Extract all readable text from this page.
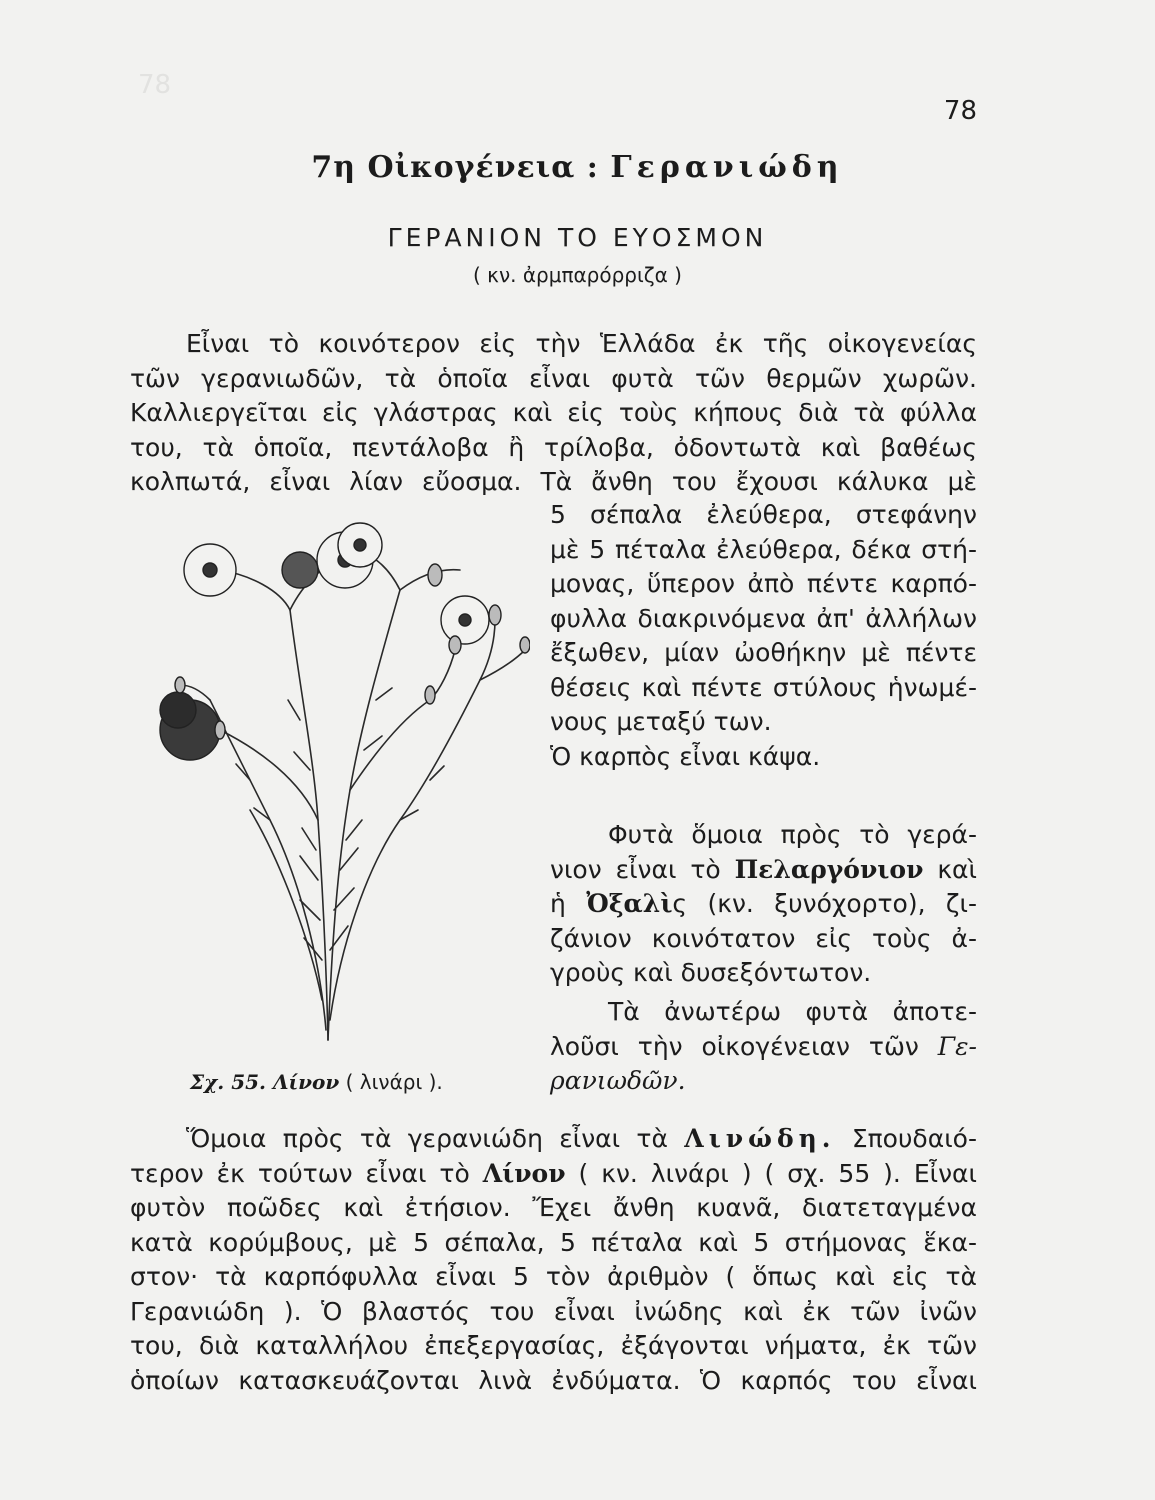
78
78
7η Οἰκογένεια : Γερανιώδη
ΓΕΡΑΝΙΟΝ ΤΟ ΕΥΟΣΜΟΝ
( κν. ἀρμπαρόρριζα )
Εἶναι τὸ κοινότερον εἰς τὴν Ἑλλάδα ἐκ τῆς οἰκογενείας
τῶν γερανιωδῶν, τὰ ὁποῖα εἶναι φυτὰ τῶν θερμῶν χωρῶν.
Καλλιεργεῖται εἰς γλάστρας καὶ εἰς τοὺς κήπους διὰ τὰ φύλλα
του, τὰ ὁποῖα, πεντάλοβα ἢ τρίλοβα, ὀδοντωτὰ καὶ βαθέως
κολπωτά, εἶναι λίαν εὔοσμα. Τὰ ἄνθη του ἔχουσι κάλυκα μὲ
5 σέπαλα ἐλεύθερα, στεφάνην
μὲ 5 πέταλα ἐλεύθερα, δέκα στή-
μονας, ὕπερον ἀπὸ πέντε καρπό-
φυλλα διακρινόμενα ἀπ' ἀλλήλων
ἔξωθεν, μίαν ὠοθήκην μὲ πέντε
θέσεις καὶ πέντε στύλους ἡνωμέ-
νους μεταξύ των.
Ὁ καρπὸς εἶναι κάψα.
Φυτὰ ὅμοια πρὸς τὸ γερά-
νιον εἶναι τὸ Πελαργόνιον καὶ
ἡ Ὀξαλὶς (κν. ξυνόχορτο), ζι-
ζάνιον κοινότατον εἰς τοὺς ἀ-
γροὺς καὶ δυσεξόντωτον.
Τὰ ἀνωτέρω φυτὰ ἀποτε-
λοῦσι τὴν οἰκογένειαν τῶν Γε-
ρανιωδῶν.
Σχ. 55. Λίνον ( λινάρι ).
Ὅμοια πρὸς τὰ γερανιώδη εἶναι τὰ Λινώδη. Σπουδαιό-
τερον ἐκ τούτων εἶναι τὸ Λίνον ( κν. λινάρι ) ( σχ. 55 ). Εἶναι
φυτὸν ποῶδες καὶ ἐτήσιον. Ἔχει ἄνθη κυανᾶ, διατεταγμένα
κατὰ κορύμβους, μὲ 5 σέπαλα, 5 πέταλα καὶ 5 στήμονας ἕκα-
στον· τὰ καρπόφυλλα εἶναι 5 τὸν ἀριθμὸν ( ὅπως καὶ εἰς τὰ
Γερανιώδη ). Ὁ βλαστός του εἶναι ἰνώδης καὶ ἐκ τῶν ἰνῶν
του, διὰ καταλλήλου ἐπεξεργασίας, ἐξάγονται νήματα, ἐκ τῶν
ὁποίων κατασκευάζονται λινὰ ἐνδύματα. Ὁ καρπός του εἶναι
